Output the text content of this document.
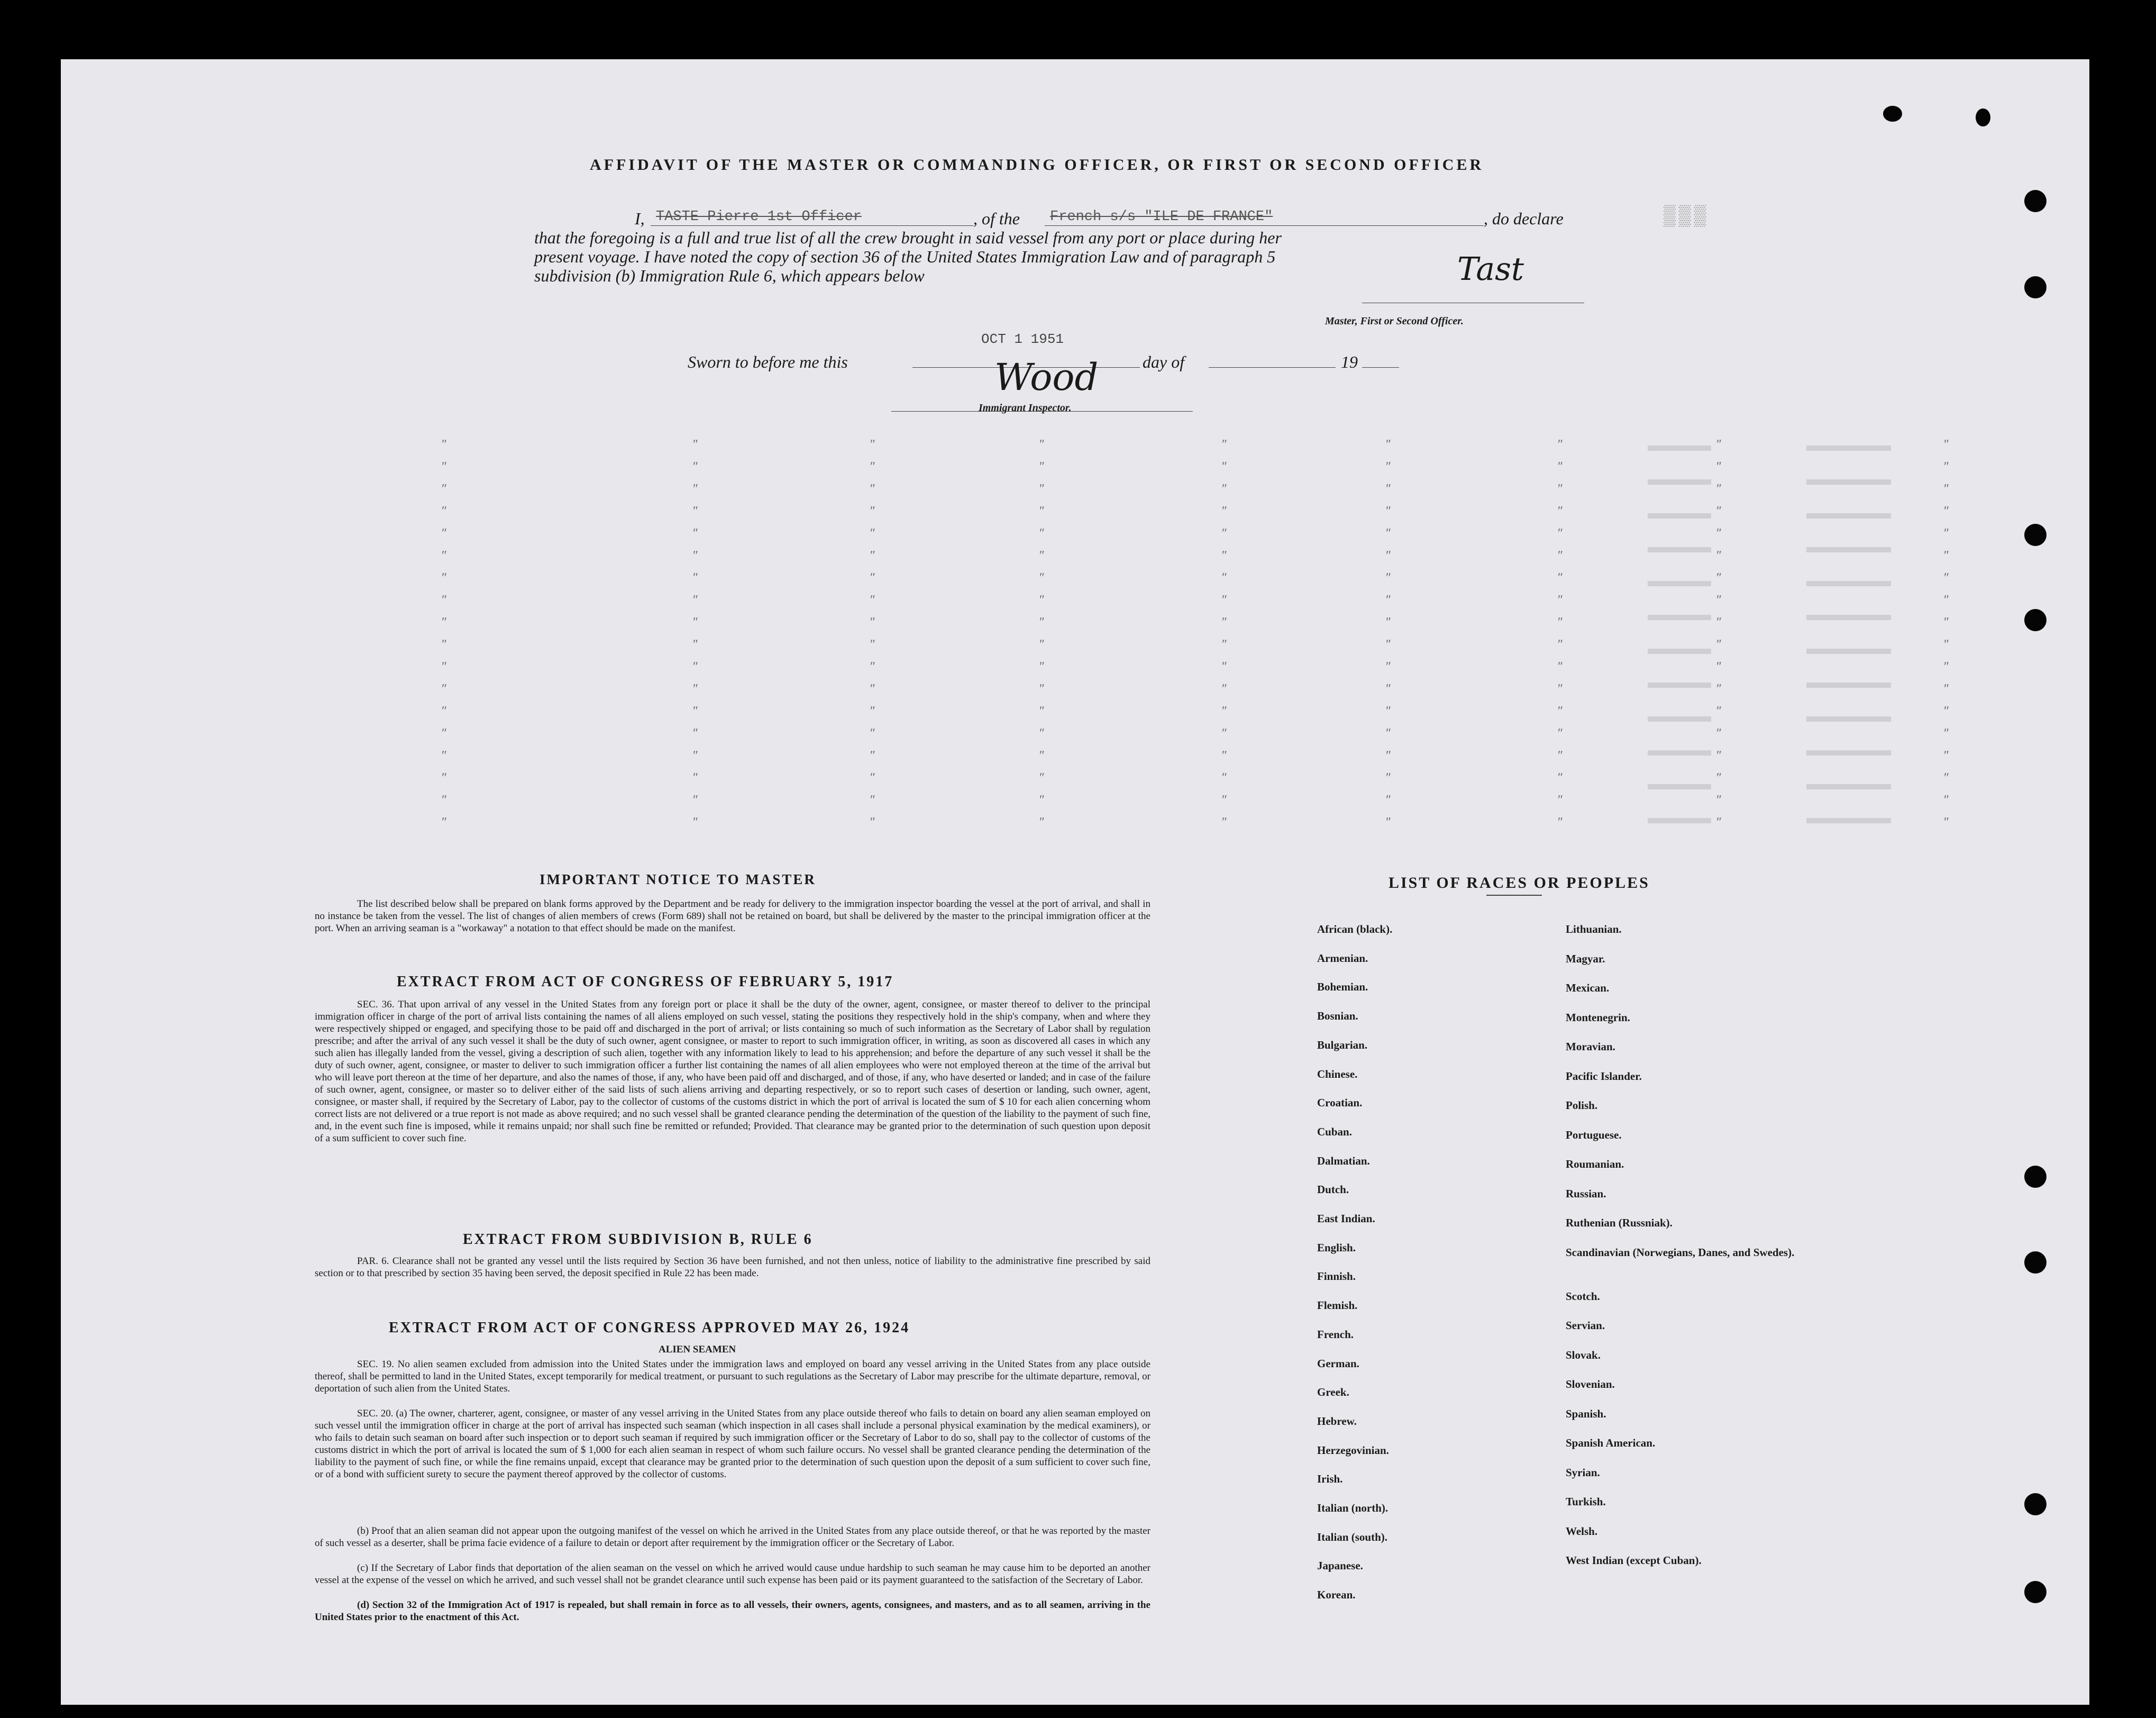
AFFIDAVIT OF THE MASTER OR COMMANDING OFFICER, OR FIRST OR SECOND OFFICER
I, TASTE Pierre 1st Officer	, of the French s/s "ILE DE FRANCE"	, do declare	▒▒▒
that the foregoing is a full and true list of all the crew brought in said vessel from any port or place during her
present voyage. I have noted the copy of section 36 of the United States Immigration Law and of paragraph 5
subdivision (b) Immigration Rule 6, which appears below	Tast
Master, First or Second Officer.
Sworn to before me this
OCT 1 1951
day of	19
Wood
Immigrant Inspector.
ʺ	ʺ	ʺ	ʺ	ʺ	ʺ	ʺ	ʺ	ʺ
ʺ	ʺ	ʺ	ʺ	ʺ	ʺ	ʺ	ʺ	ʺ
ʺ	ʺ	ʺ	ʺ	ʺ	ʺ	ʺ	ʺ	ʺ
ʺ	ʺ	ʺ	ʺ	ʺ	ʺ	ʺ	ʺ	ʺ
ʺ	ʺ	ʺ	ʺ	ʺ	ʺ	ʺ	ʺ	ʺ
ʺ	ʺ	ʺ	ʺ	ʺ	ʺ	ʺ	ʺ	ʺ
ʺ	ʺ	ʺ	ʺ	ʺ	ʺ	ʺ	ʺ	ʺ
ʺ	ʺ	ʺ	ʺ	ʺ	ʺ	ʺ	ʺ	ʺ
ʺ	ʺ	ʺ	ʺ	ʺ	ʺ	ʺ	ʺ	ʺ
ʺ	ʺ	ʺ	ʺ	ʺ	ʺ	ʺ	ʺ	ʺ
ʺ	ʺ	ʺ	ʺ	ʺ	ʺ	ʺ	ʺ	ʺ
ʺ	ʺ	ʺ	ʺ	ʺ	ʺ	ʺ	ʺ	ʺ
ʺ	ʺ	ʺ	ʺ	ʺ	ʺ	ʺ	ʺ	ʺ
ʺ	ʺ	ʺ	ʺ	ʺ	ʺ	ʺ	ʺ	ʺ
ʺ	ʺ	ʺ	ʺ	ʺ	ʺ	ʺ	ʺ	ʺ
ʺ	ʺ	ʺ	ʺ	ʺ	ʺ	ʺ	ʺ	ʺ
ʺ	ʺ	ʺ	ʺ	ʺ	ʺ	ʺ	ʺ	ʺ
ʺ	ʺ	ʺ	ʺ	ʺ	ʺ	ʺ	ʺ	ʺ
IMPORTANT NOTICE TO MASTER
The list described below shall be prepared on blank forms approved by the Department and be ready for delivery to the immigration inspector boarding the vessel at the port of arrival, and shall in no instance be taken from the vessel. The list of changes of alien members of crews (Form 689) shall not be retained on board, but shall be delivered by the master to the principal immigration officer at the port. When an arriving seaman is a "workaway" a notation to that effect should be made on the manifest.
EXTRACT FROM ACT OF CONGRESS OF FEBRUARY 5, 1917
SEC. 36. That upon arrival of any vessel in the United States from any foreign port or place it shall be the duty of the owner, agent, consignee, or master thereof to deliver to the principal immigration officer in charge of the port of arrival lists containing the names of all aliens employed on such vessel, stating the positions they respectively hold in the ship's company, when and where they were respectively shipped or engaged, and specifying those to be paid off and discharged in the port of arrival; or lists containing so much of such information as the Secretary of Labor shall by regulation prescribe; and after the arrival of any such vessel it shall be the duty of such owner, agent consignee, or master to report to such immigration officer, in writing, as soon as discovered all cases in which any such alien has illegally landed from the vessel, giving a description of such alien, together with any information likely to lead to his apprehension; and before the departure of any such vessel it shall be the duty of such owner, agent, consignee, or master to deliver to such immigration officer a further list containing the names of all alien employees who were not employed thereon at the time of the arrival but who will leave port thereon at the time of her departure, and also the names of those, if any, who have been paid off and discharged, and of those, if any, who have deserted or landed; and in case of the failure of such owner, agent, consignee, or master so to deliver either of the said lists of such aliens arriving and departing respectively, or so to report such cases of desertion or landing, such owner, agent, consignee, or master shall, if required by the Secretary of Labor, pay to the collector of customs of the customs district in which the port of arrival is located the sum of $ 10 for each alien concerning whom correct lists are not delivered or a true report is not made as above required; and no such vessel shall be granted clearance pending the determination of the question of the liability to the payment of such fine, and, in the event such fine is imposed, while it remains unpaid; nor shall such fine be remitted or refunded; Provided. That clearance may be granted prior to the determination of such question upon deposit of a sum sufficient to cover such fine.
EXTRACT FROM SUBDIVISION B, RULE 6
PAR. 6. Clearance shall not be granted any vessel until the lists required by Section 36 have been furnished, and not then unless, notice of liability to the administrative fine prescribed by said section or to that prescribed by section 35 having been served, the deposit specified in Rule 22 has been made.
EXTRACT FROM ACT OF CONGRESS APPROVED MAY 26, 1924
ALIEN SEAMEN
SEC. 19. No alien seamen excluded from admission into the United States under the immigration laws and employed on board any vessel arriving in the United States from any place outside thereof, shall be permitted to land in the United States, except temporarily for medical treatment, or pursuant to such regulations as the Secretary of Labor may prescribe for the ultimate departure, removal, or deportation of such alien from the United States.
SEC. 20. (a) The owner, charterer, agent, consignee, or master of any vessel arriving in the United States from any place outside thereof who fails to detain on board any alien seaman employed on such vessel until the immigration officer in charge at the port of arrival has inspected such seaman (which inspection in all cases shall include a personal physical examination by the medical examiners), or who fails to detain such seaman on board after such inspection or to deport such seaman if required by such immigration officer or the Secretary of Labor to do so, shall pay to the collector of customs of the customs district in which the port of arrival is located the sum of $ 1,000 for each alien seaman in respect of whom such failure occurs. No vessel shall be granted clearance pending the determination of the liability to the payment of such fine, or while the fine remains unpaid, except that clearance may be granted prior to the determination of such question upon the deposit of a sum sufficient to cover such fine, or of a bond with sufficient surety to secure the payment thereof approved by the collector of customs.
(b) Proof that an alien seaman did not appear upon the outgoing manifest of the vessel on which he arrived in the United States from any place outside thereof, or that he was reported by the master of such vessel as a deserter, shall be prima facie evidence of a failure to detain or deport after requirement by the immigration officer or the Secretary of Labor.
(c) If the Secretary of Labor finds that deportation of the alien seaman on the vessel on which he arrived would cause undue hardship to such seaman he may cause him to be deported an another vessel at the expense of the vessel on which he arrived, and such vessel shall not be grandet clearance until such expense has been paid or its payment guaranteed to the satisfaction of the Secretary of Labor.
(d) Section 32 of the Immigration Act of 1917 is repealed, but shall remain in force as to all vessels, their owners, agents, consignees, and masters, and as to all seamen, arriving in the United States prior to the enactment of this Act.
LIST OF RACES OR PEOPLES
African (black).
Armenian.
Bohemian.
Bosnian.
Bulgarian.
Chinese.
Croatian.
Cuban.
Dalmatian.
Dutch.
East Indian.
English.
Finnish.
Flemish.
French.
German.
Greek.
Hebrew.
Herzegovinian.
Irish.
Italian (north).
Italian (south).
Japanese.
Korean.
Lithuanian.
Magyar.
Mexican.
Montenegrin.
Moravian.
Pacific Islander.
Polish.
Portuguese.
Roumanian.
Russian.
Ruthenian (Russniak).
Scandinavian (Norwegians, Danes, and Swedes).
Scotch.
Servian.
Slovak.
Slovenian.
Spanish.
Spanish American.
Syrian.
Turkish.
Welsh.
West Indian (except Cuban).
